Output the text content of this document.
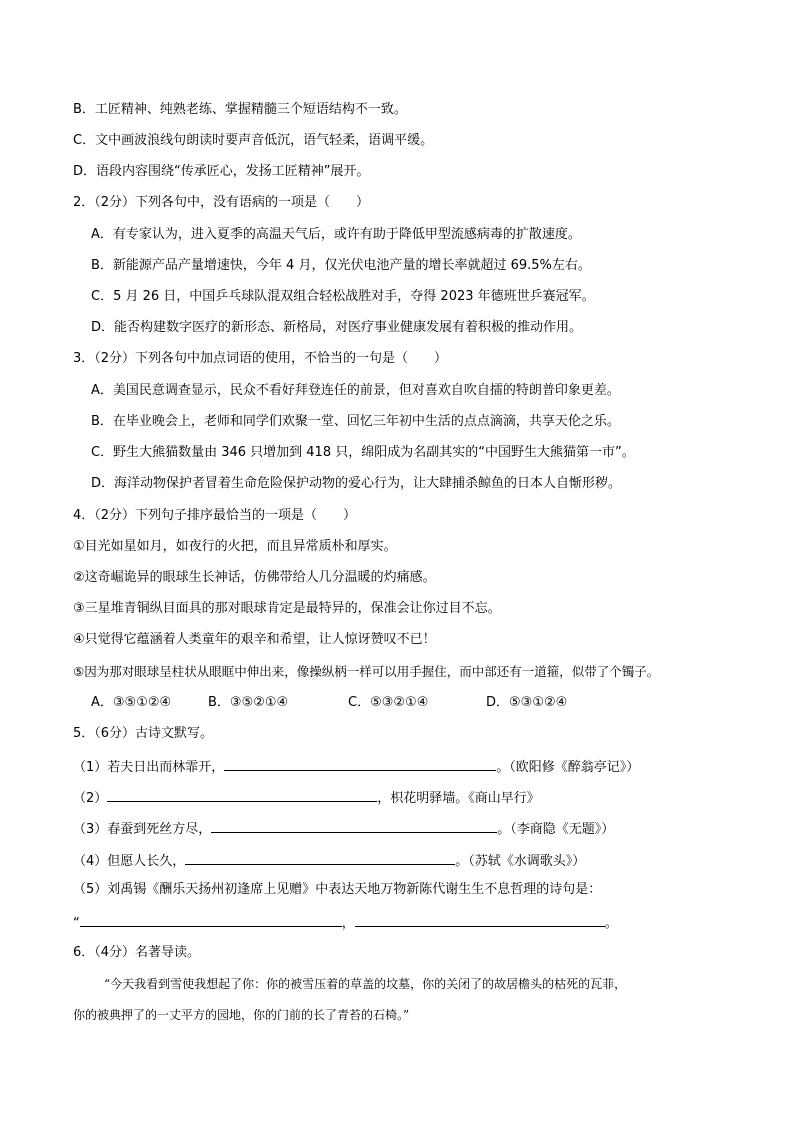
B．工匠精神、纯熟老练、掌握精髓三个短语结构不一致。
C．文中画波浪线句朗读时要声音低沉，语气轻柔，语调平缓。
D．语段内容围绕“传承匠心，发扬工匠精神”展开。
2．（2分）下列各句中，没有语病的一项是（　　）
A．有专家认为，进入夏季的高温天气后，或许有助于降低甲型流感病毒的扩散速度。
B．新能源产品产量增速快，今年 4 月，仅光伏电池产量的增长率就超过 69.5%左右。
C．5 月 26 日，中国乒乓球队混双组合轻松战胜对手，夺得 2023 年德班世乒赛冠军。
D．能否构建数字医疗的新形态、新格局，对医疗事业健康发展有着积极的推动作用。
3．（2分）下列各句中加点词语的使用，不恰当的一句是（　　）
A．美国民意调查显示，民众不看好拜登连任的前景，但对喜欢自吹自擂的特朗普印象更差。
B．在毕业晚会上，老师和同学们欢聚一堂、回忆三年初中生活的点点滴滴，共享天伦之乐。
C．野生大熊猫数量由 346 只增加到 418 只，绵阳成为名副其实的“中国野生大熊猫第一市”。
D．海洋动物保护者冒着生命危险保护动物的爱心行为，让大肆捕杀鲸鱼的日本人自惭形秽。
4．（2分）下列句子排序最恰当的一项是（　　）
①目光如星如月，如夜行的火把，而且异常质朴和厚实。
②这奇崛诡异的眼球生长神话，仿佛带给人几分温暖的灼痛感。
③三星堆青铜纵目面具的那对眼球肯定是最特异的，保准会让你过目不忘。
④只觉得它蕴涵着人类童年的艰辛和希望，让人惊讶赞叹不已！
⑤因为那对眼球呈柱状从眼眶中伸出来，像操纵柄一样可以用手握住，而中部还有一道箍，似带了个镯子。
A．③⑤①②④	B．③⑤②①④	C．⑤③②①④	D．⑤③①②④
5．（6分）古诗文默写。
（1）若夫日出而林霏开，	。（欧阳修《醉翁亭记》）
（2）	，枳花明驿墙。《商山早行》
（3）春蚕到死丝方尽，	。（李商隐《无题》）
（4）但愿人长久，	。（苏轼《水调歌头》）
（5）刘禹锡《酬乐天扬州初逢席上见赠》中表达天地万物新陈代谢生生不息哲理的诗句是：
“	，	。
6．（4分）名著导读。
“今天我看到雪使我想起了你：你的被雪压着的草盖的坟墓，你的关闭了的故居檐头的枯死的瓦菲，
你的被典押了的一丈平方的园地，你的门前的长了青苔的石椅。”
